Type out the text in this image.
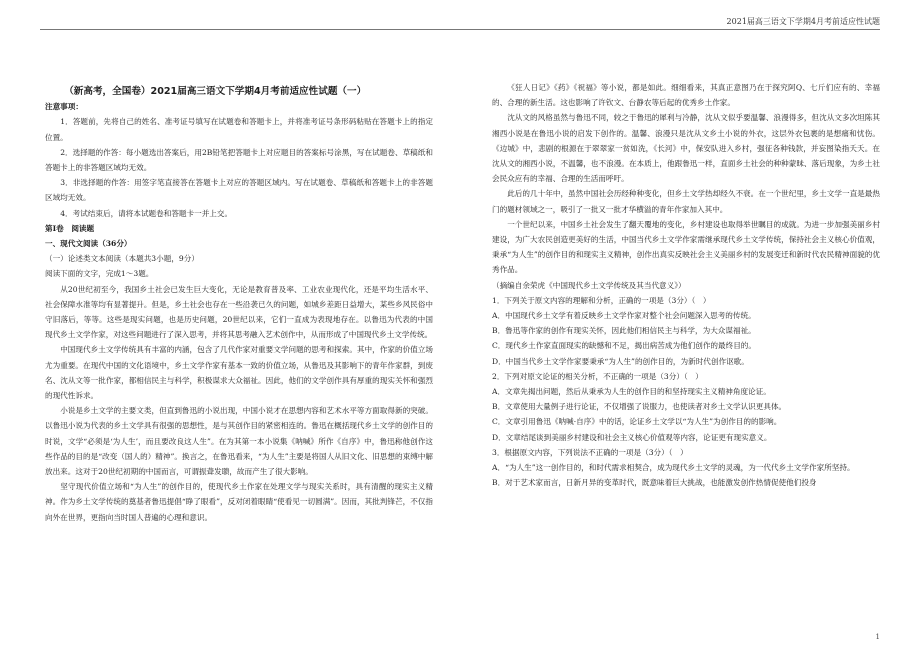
2021届高三语文下学期4月考前适应性试题

（新高考，全国卷）2021届高三语文下学期4月考前适应性试题（一）

注意事项：

1．答题前，先将自己的姓名、准考证号填写在试题卷和答题卡上，并将准考证号条形码粘贴在答题卡上的指定位置。

2．选择题的作答：每小题选出答案后，用2B铅笔把答题卡上对应题目的答案标号涂黑，写在试题卷、草稿纸和答题卡上的非答题区域均无效。

3．非选择题的作答：用签字笔直接答在答题卡上对应的答题区域内。写在试题卷、草稿纸和答题卡上的非答题区域均无效。

4．考试结束后，请将本试题卷和答题卡一并上交。

第Ⅰ卷　阅读题

一、现代文阅读（36分）

（一）论述类文本阅读（本题共3小题，9分）

阅读下面的文字，完成1～3题。

从20世纪初至今，我国乡土社会已发生巨大变化，无论是教育普及率、工业农业现代化，还是平均生活水平、社会保障水准等均有显著提升。但是，乡土社会也存在一些沿袭已久的问题，如城乡差距日益增大，某些乡风民俗中守旧落后，等等。这些是现实问题，也是历史问题，20世纪以来，它们一直成为表现地存在。以鲁迅为代表的中国现代乡土文学作家，对这些问题进行了深入思考，并将其思考融入艺术创作中，从而形成了中国现代乡土文学传统。

中国现代乡土文学传统具有丰富的内涵，包含了几代作家对重要文学问题的思考和探索。其中，作家的价值立场尤为重要。在现代中国的文化语境中，乡土文学作家有基本一致的价值立场，从鲁迅及其影响下的青年作家群，到废名、沈从文等一批作家，都相信民主与科学，积极谋求大众福祉。因此，他们的文学创作具有厚重的现实关怀和强烈的现代性诉求。

小说是乡土文学的主要文类，但直到鲁迅的小说出现，中国小说才在思想内容和艺术水平等方面取得新的突破。以鲁迅小说为代表的乡土文学具有很强的思想性，是与其创作目的紧密相连的。鲁迅在概括现代乡土文学的创作目的时说，文学“必须是‘为人生’，而且要改良这人生”。在为其第一本小说集《呐喊》所作《自序》中，鲁迅称他创作这些作品的目的是“改变（国人的）精神”。换言之，在鲁迅看来，“为人生”主要是将国人从旧文化、旧思想的束缚中解放出来。这对于20世纪初期的中国而言，可谓振聋发聩，故而产生了很大影响。

坚守现代价值立场和“为人生”的创作目的，使现代乡土作家在处理文学与现实关系时，具有清醒的现实主义精神。作为乡土文学传统的奠基者鲁迅提倡“睁了眼看”，反对闭着眼睛“使看见一切圆满”。因而，其批判锋芒，不仅指向外在世界，更指向当时国人普遍的心理和意识。

《狂人日记》《药》《祝福》等小说，都是如此。细细看来，其真正意图乃在于探究阿Q、七斤们应有的、幸福的、合理的新生活。这也影响了许钦文、台静农等后起的优秀乡土作家。

沈从文的风格虽然与鲁迅不同，较之于鲁迅的犀利与冷静，沈从文似乎要温馨、浪漫得多，但沈从文多次坦陈其湘西小说是在鲁迅小说的启发下创作的。温馨、浪漫只是沈从文乡土小说的外衣，这层外衣包裹的是想痛和忧伤。《边城》中，悲剧的根源在于翠翠家一贫如洗，《长河》中，保安队进入乡村，强征各种钱款，并妄图染指夭夭。在沈从文的湘西小说，不温馨，也不浪漫。在本质上，他跟鲁迅一样，直面乡土社会的种种蒙昧、落后现象，为乡土社会民众应有的幸福、合理的生活而呼吁。

此后的几十年中，虽然中国社会历经种种变化，但乡土文学热却经久不衰。在一个世纪里，乡土文学一直是最热门的题材领域之一，吸引了一批又一批才华横溢的青年作家加入其中。

一个世纪以来，中国乡土社会发生了翻天覆地的变化，乡村建设也取得举世瞩目的成就。为进一步加强美丽乡村建设，为广大农民创造更美好的生活，中国当代乡土文学作家需继承现代乡土文学传统，保持社会主义核心价值观，秉承“为人生”的创作目的和现实主义精神，创作出真实反映社会主义美丽乡村的发展变迁和新时代农民精神面貌的优秀作品。

（摘编自余荣虎《中国现代乡土文学传统及其当代意义》）

1．下列关于原文内容的理解和分析，正确的一项是（3分）（　）

A．中国现代乡土文学有着反映乡土文学作家对整个社会问题深入思考的传统。

B．鲁迅等作家的创作有现实关怀，因此他们相信民主与科学，为大众谋福祉。

C．现代乡土作家直面现实的缺憾和不足，揭出病苦成为他们创作的最终目的。

D．中国当代乡土文学作家要秉承“为人生”的创作目的，为新时代创作讴歌。

2．下列对原文论证的相关分析，不正确的一项是（3分）（　）

A．文章先揭出问题，然后从秉承为人生的创作目的和坚持现实主义精神角度论证。

B．文章使用大量例子进行论证，不仅增强了说服力，也使读者对乡土文学认识更具体。

C．文章引用鲁迅《呐喊·自序》中的话，论证乡土文学以“为人生”为创作目的的影响。

D．文章结尾谈到美丽乡村建设和社会主义核心价值观等内容，论证更有现实意义。

3．根据原文内容，下列说法不正确的一项是（3分）（　）

A．“为人生”这一创作目的，和时代需求相契合，成为现代乡土文学的灵魂，为一代代乡土文学作家所坚持。

B．对于艺术家而言，日新月异的变革时代，既意味着巨大挑战，也能激发创作热情促使他们投身

1
